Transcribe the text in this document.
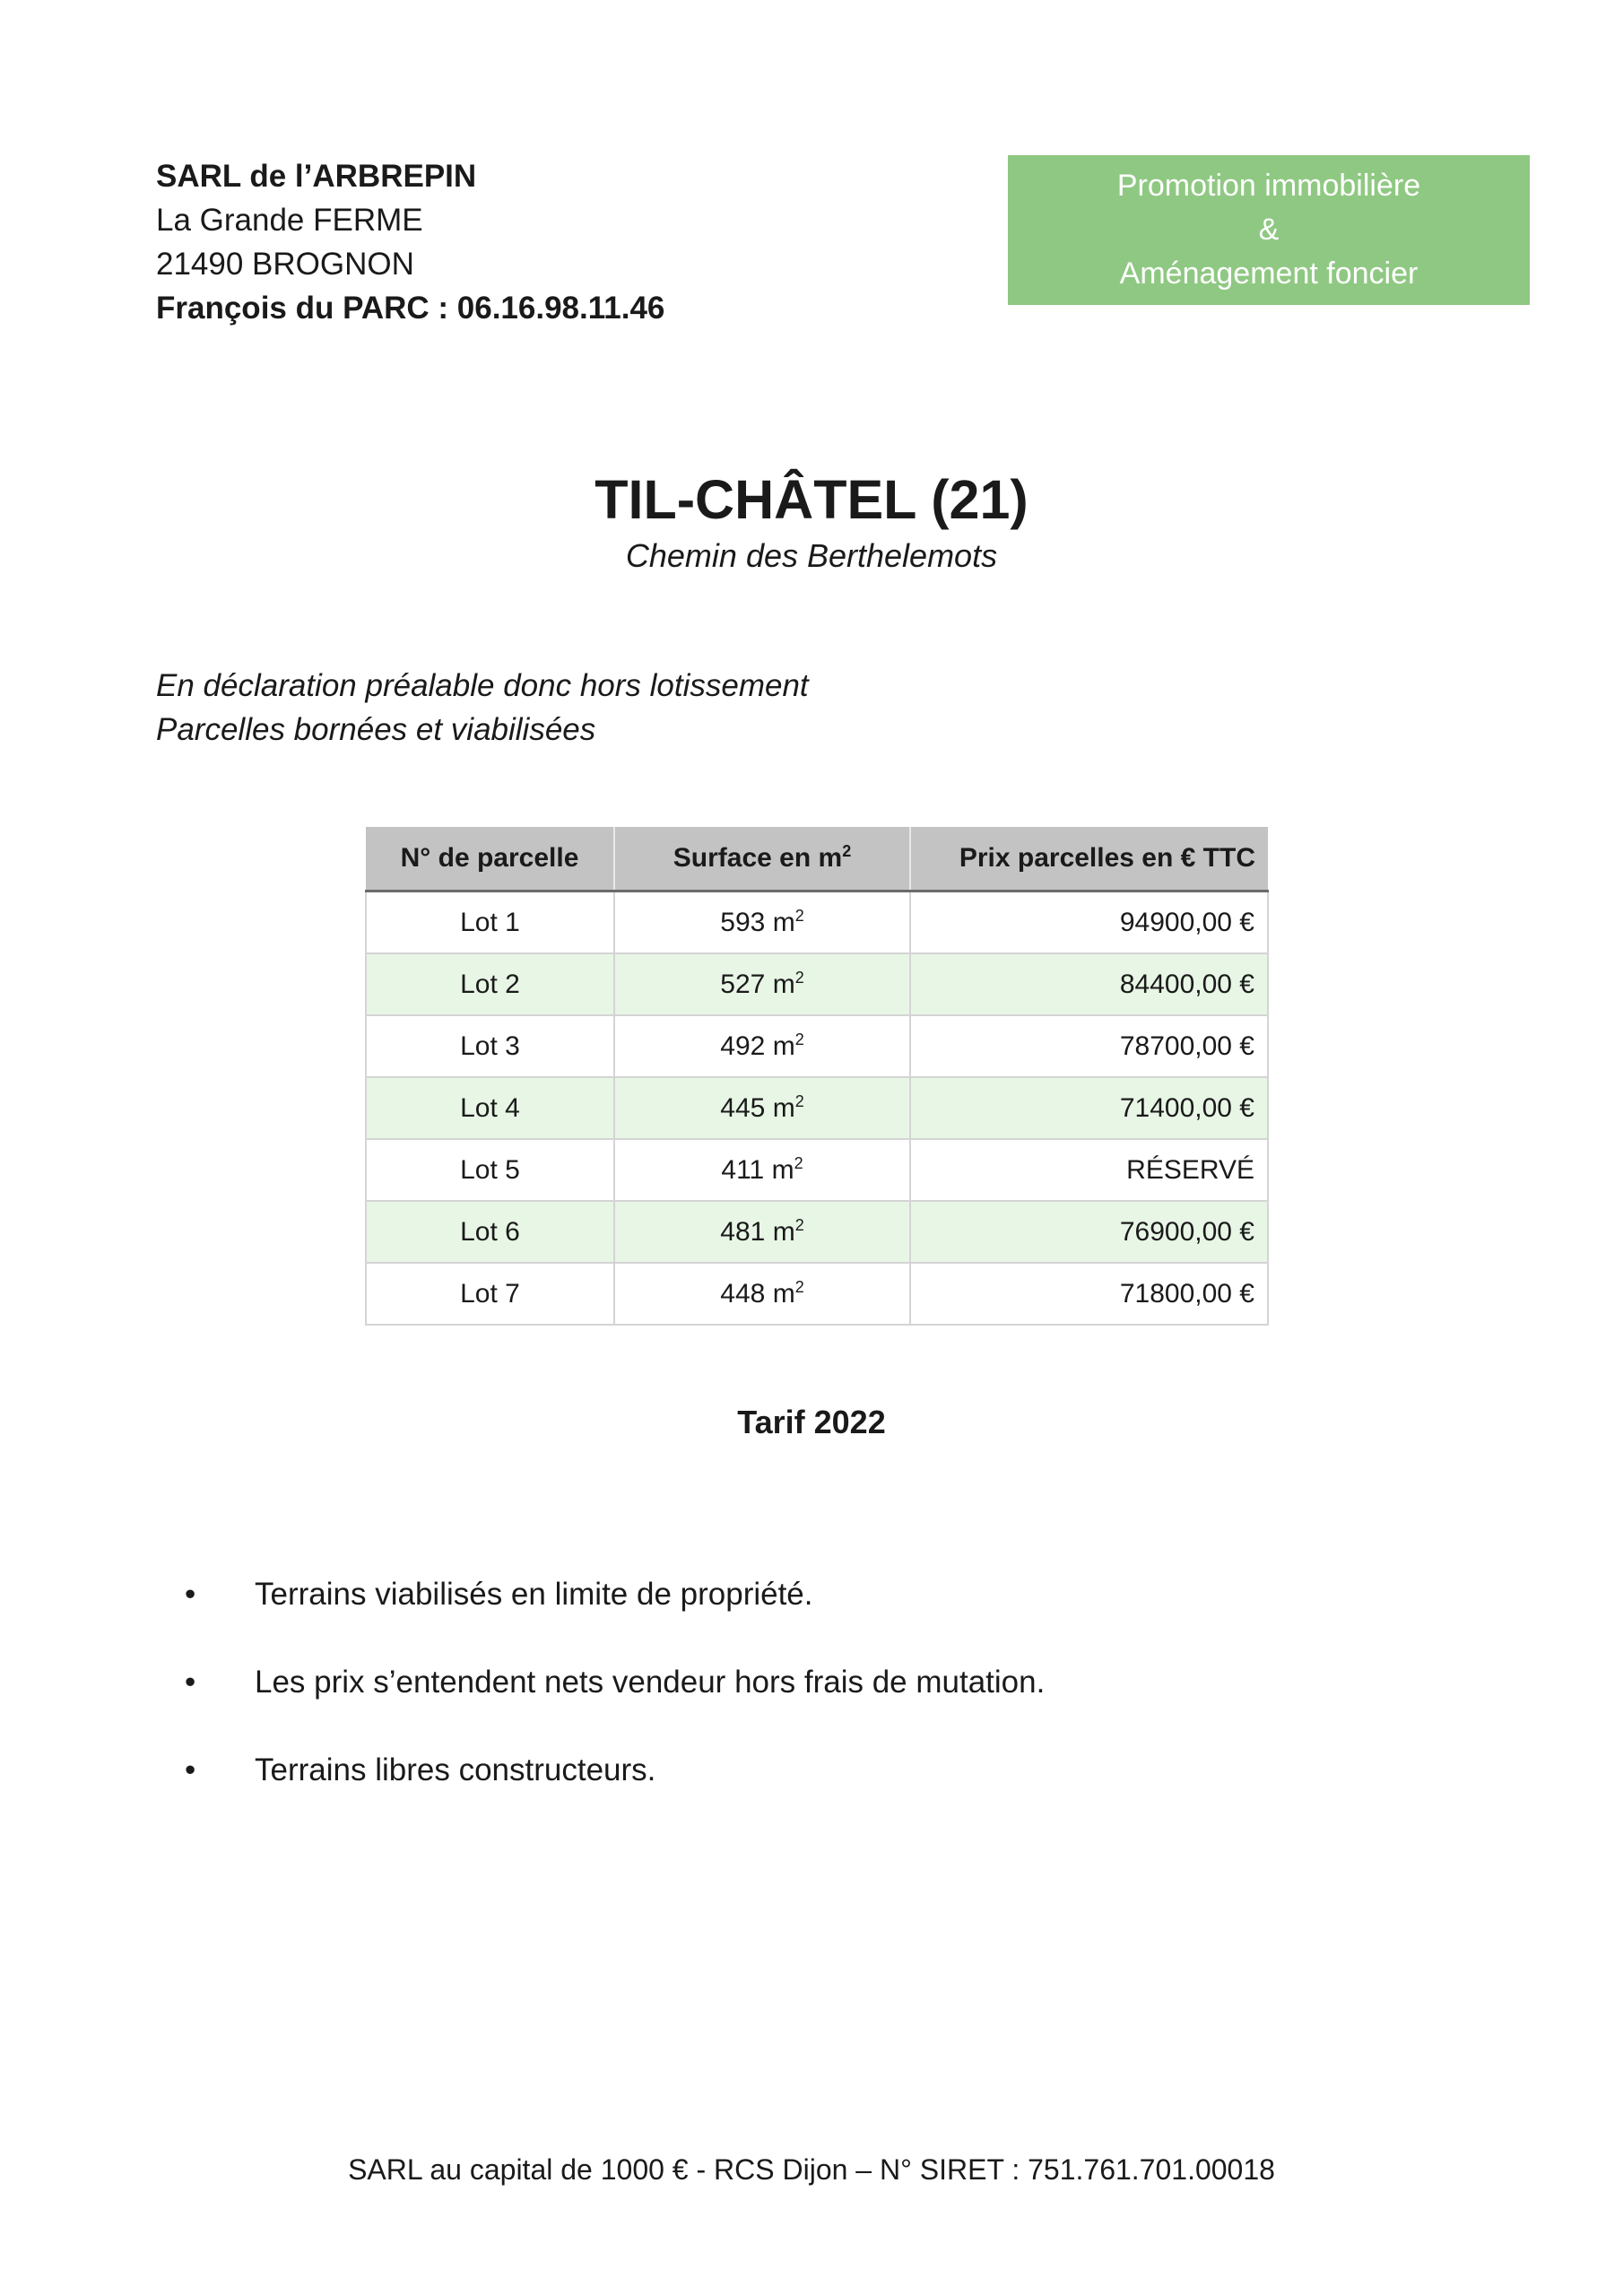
SARL de l’ARBREPIN
La Grande FERME
21490 BROGNON
François du PARC : 06.16.98.11.46
Promotion immobilière
&
Aménagement foncier
TIL-CHÂTEL (21)
Chemin des Berthelemots
En déclaration préalable donc hors lotissement
Parcelles bornées et viabilisées
N° de parcelle	Surface en $m^2$	Prix parcelles en € TTC
Lot 1	593 $m^2$	94900,00 €
Lot 2	527 $m^2$	84400,00 €
Lot 3	492 $m^2$	78700,00 €
Lot 4	445 $m^2$	71400,00 €
Lot 5	411 $m^2$	RÉSERVÉ
Lot 6	481 $m^2$	76900,00 €
Lot 7	448 $m^2$	71800,00 €
Tarif 2022
• Terrains viabilisés en limite de propriété.
• Les prix s’entendent nets vendeur hors frais de mutation.
• Terrains libres constructeurs.
SARL au capital de 1000 € - RCS Dijon – N° SIRET : 751.761.701.00018
